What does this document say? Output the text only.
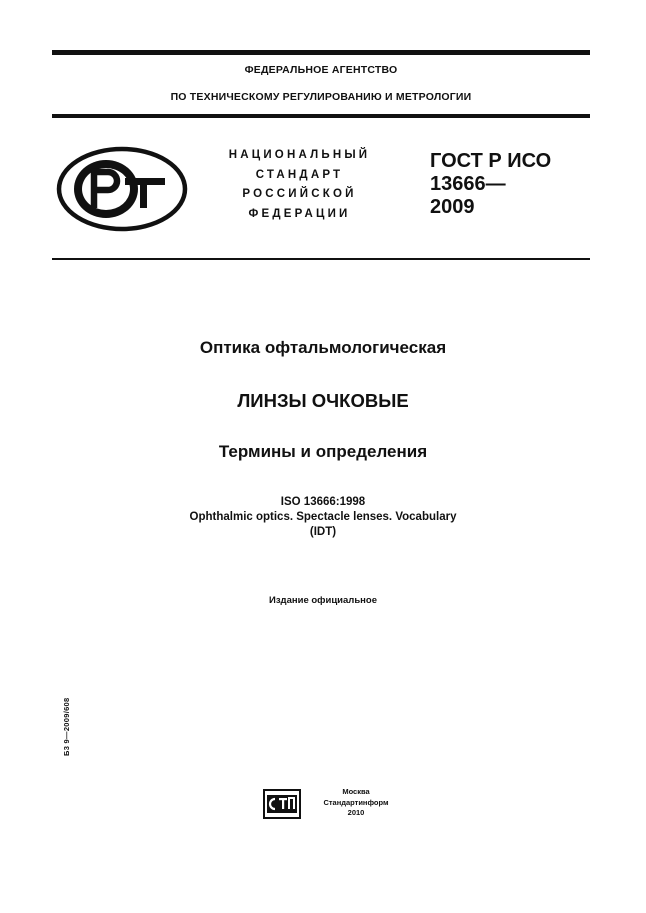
ФЕДЕРАЛЬНОЕ АГЕНТСТВО
ПО ТЕХНИЧЕСКОМУ РЕГУЛИРОВАНИЮ И МЕТРОЛОГИИ
НАЦИОНАЛЬНЫЙ
СТАНДАРТ
РОССИЙСКОЙ
ФЕДЕРАЦИИ
ГОСТ Р ИСО
13666—
2009
Оптика офтальмологическая
ЛИНЗЫ ОЧКОВЫЕ
Термины и определения
ISO 13666:1998
Ophthalmic optics. Spectacle lenses. Vocabulary
(IDT)
Издание официальное
Б3 9—2009/608
Москва
Стандартинформ
2010
